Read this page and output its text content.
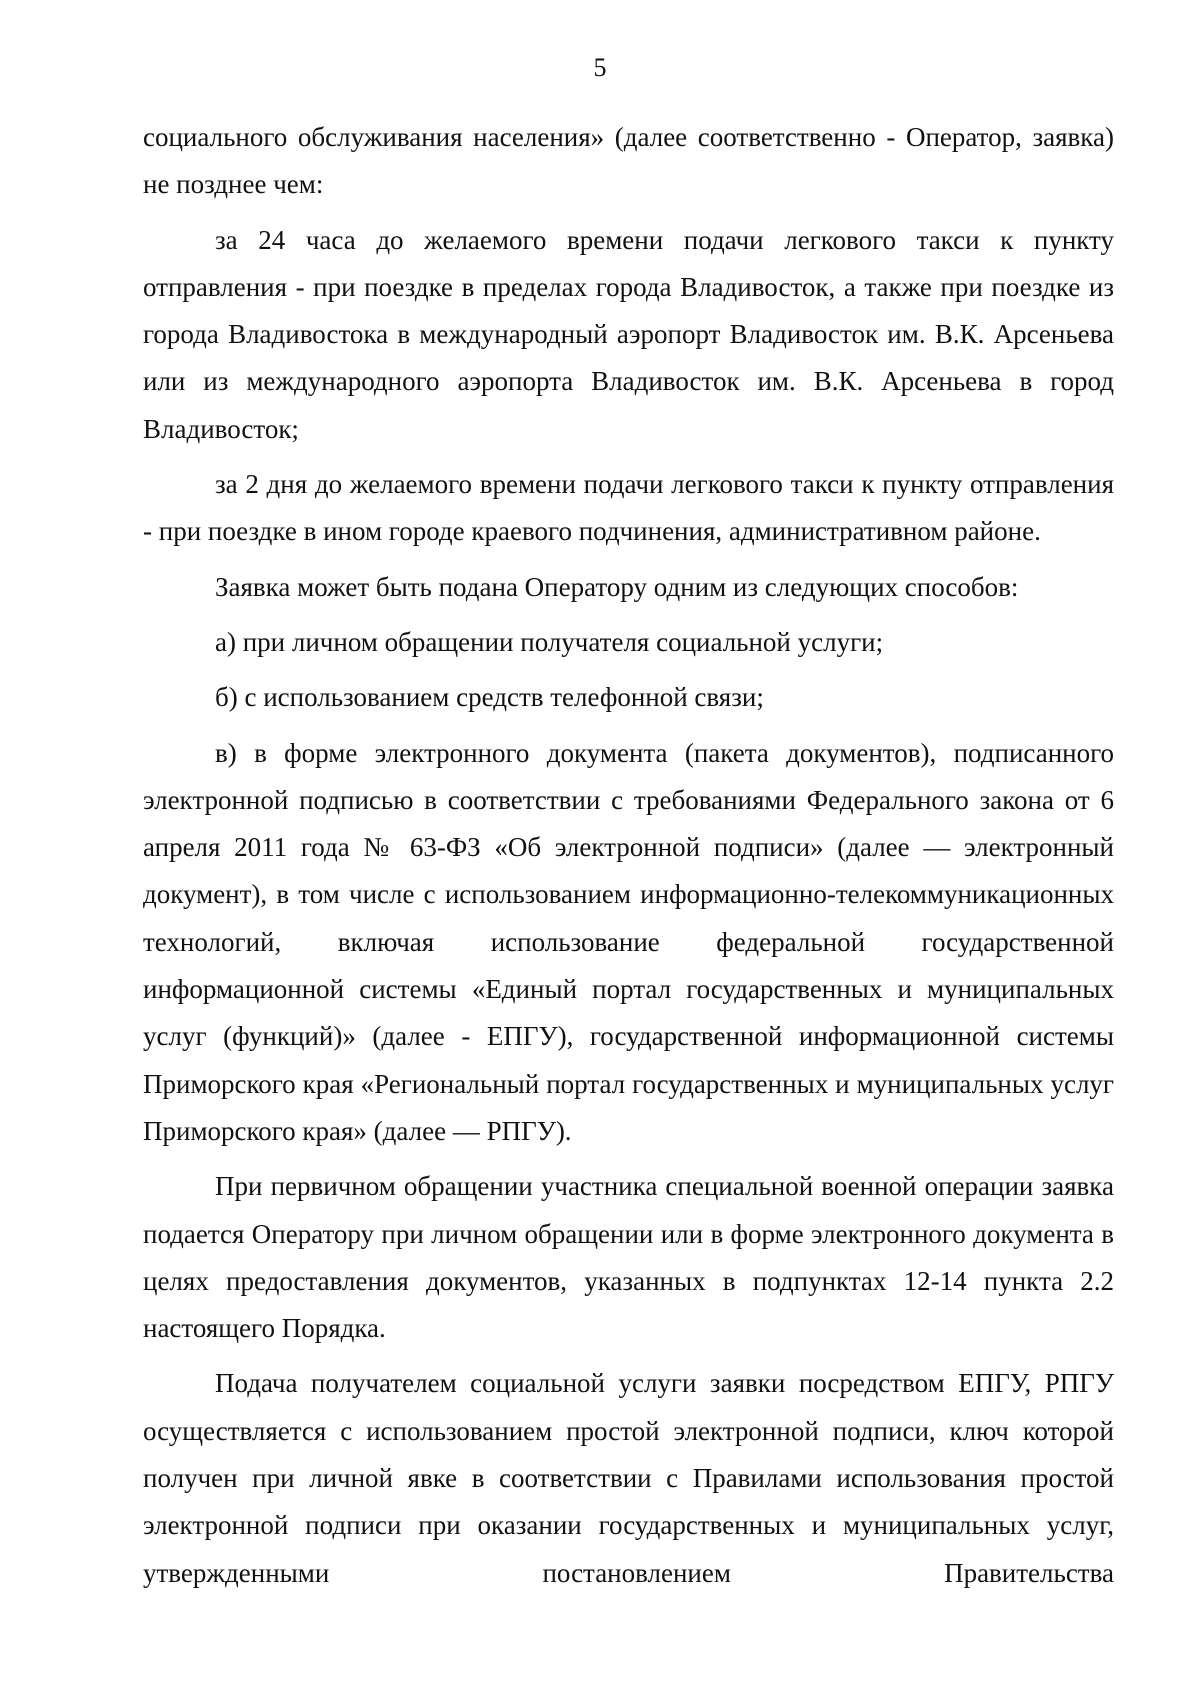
5

социального обслуживания населения» (далее соответственно - Оператор, заявка) не позднее чем:

за 24 часа до желаемого времени подачи легкового такси к пункту отправления - при поездке в пределах города Владивосток, а также при поездке из города Владивостока в международный аэропорт Владивосток им. В.К. Арсеньева или из международного аэропорта Владивосток им. В.К. Арсеньева в город Владивосток;

за 2 дня до желаемого времени подачи легкового такси к пункту отправления - при поездке в ином городе краевого подчинения, административном районе.

Заявка может быть подана Оператору одним из следующих способов:

а) при личном обращении получателя социальной услуги;

б) с использованием средств телефонной связи;

в) в форме электронного документа (пакета документов), подписанного электронной подписью в соответствии с требованиями Федерального закона от 6 апреля 2011 года № 63-ФЗ «Об электронной подписи» (далее — электронный документ), в том числе с использованием информационно-телекоммуникационных технологий, включая использование федеральной государственной информационной системы «Единый портал государственных и муниципальных услуг (функций)» (далее - ЕПГУ), государственной информационной системы Приморского края «Региональный портал государственных и муниципальных услуг Приморского края» (далее — РПГУ).

При первичном обращении участника специальной военной операции заявка подается Оператору при личном обращении или в форме электронного документа в целях предоставления документов, указанных в подпунктах 12-14 пункта 2.2 настоящего Порядка.

Подача получателем социальной услуги заявки посредством ЕПГУ, РПГУ осуществляется с использованием простой электронной подписи, ключ которой получен при личной явке в соответствии с Правилами использования простой электронной подписи при оказании государственных и муниципальных услуг, утвержденными постановлением Правительства
